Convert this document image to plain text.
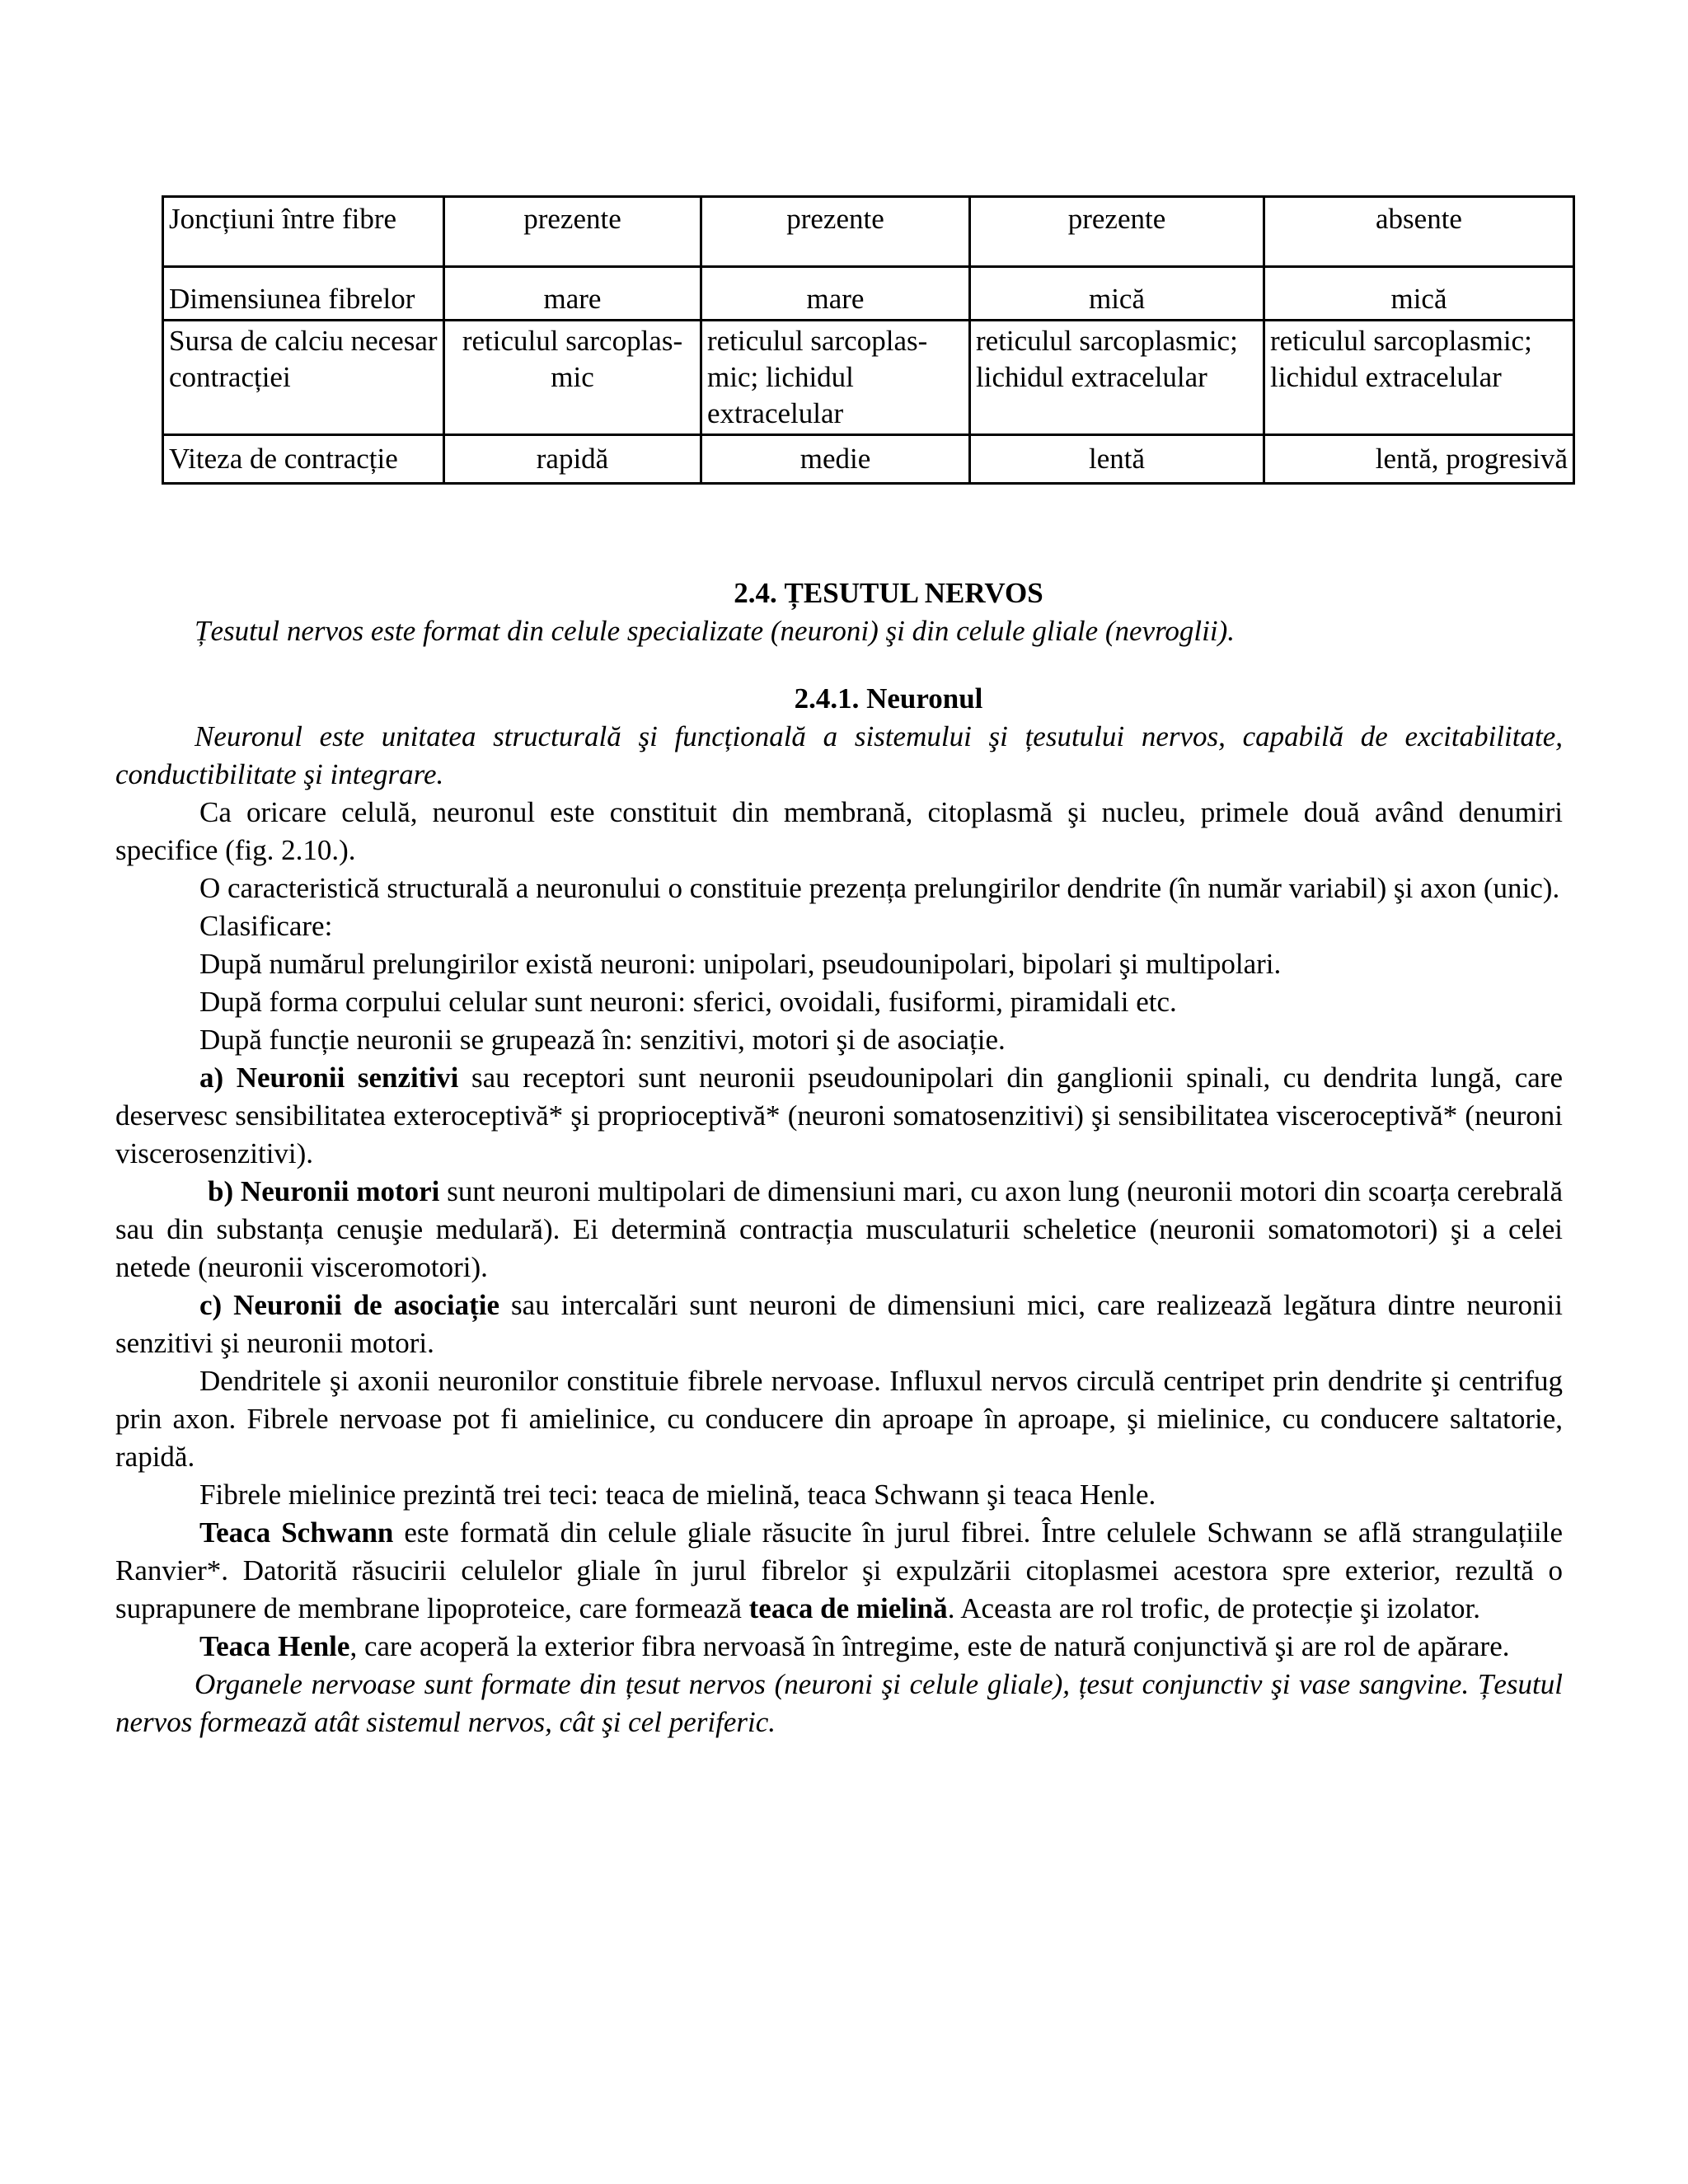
Joncțiuni între fibre	prezente	prezente	prezente	absente
Dimensiunea fibrelor	mare	mare	mică	mică
Sursa de calciu necesar contracției	reticulul sarcoplas-mic	reticulul sarcoplas-mic; lichidul extracelular	reticulul sarcoplasmic; lichidul extracelular	reticulul sarcoplasmic; lichidul extracelular
Viteza de contracție	rapidă	medie	lentă	lentă, progresivă
2.4. ȚESUTUL NERVOS

Țesutul nervos este format din celule specializate (neuroni) şi din celule gliale (nevroglii).

2.4.1. Neuronul

Neuronul este unitatea structurală şi funcțională a sistemului şi țesutului nervos, capabilă de excitabilitate, conductibilitate şi integrare.

Ca oricare celulă, neuronul este constituit din membrană, citoplasmă şi nucleu, primele două având denumiri specifice (fig. 2.10.).

O caracteristică structurală a neuronului o constituie prezența prelungirilor dendrite (în număr variabil) şi axon (unic).

Clasificare:

După numărul prelungirilor există neuroni: unipolari, pseudounipolari, bipolari şi multipolari.

După forma corpului celular sunt neuroni: sferici, ovoidali, fusiformi, piramidali etc.

După funcție neuronii se grupează în: senzitivi, motori şi de asociație.

a) Neuronii senzitivi sau receptori sunt neuronii pseudounipolari din ganglionii spinali, cu dendrita lungă, care deservesc sensibilitatea exteroceptivă* şi proprioceptivă* (neuroni somatosenzitivi) şi sensibilitatea visceroceptivă* (neuroni viscerosenzitivi).

b) Neuronii motori sunt neuroni multipolari de dimensiuni mari, cu axon lung (neuronii motori din scoarța cerebrală sau din substanța cenuşie medulară). Ei determină contracția musculaturii scheletice (neuronii somatomotori) şi a celei netede (neuronii visceromotori).

c) Neuronii de asociație sau intercalări sunt neuroni de dimensiuni mici, care realizează legătura dintre neuronii senzitivi şi neuronii motori.

Dendritele şi axonii neuronilor constituie fibrele nervoase. Influxul nervos circulă centripet prin dendrite şi centrifug prin axon. Fibrele nervoase pot fi amielinice, cu conducere din aproape în aproape, şi mielinice, cu conducere saltatorie, rapidă.

Fibrele mielinice prezintă trei teci: teaca de mielină, teaca Schwann şi teaca Henle.

Teaca Schwann este formată din celule gliale răsucite în jurul fibrei. Între celulele Schwann se află strangulațiile Ranvier*. Datorită răsucirii celulelor gliale în jurul fibrelor şi expulzării citoplasmei acestora spre exterior, rezultă o suprapunere de membrane lipoproteice, care formează teaca de mielină. Aceasta are rol trofic, de protecție şi izolator.

Teaca Henle, care acoperă la exterior fibra nervoasă în întregime, este de natură conjunctivă şi are rol de apărare.

Organele nervoase sunt formate din țesut nervos (neuroni şi celule gliale), țesut conjunctiv şi vase sangvine. Țesutul nervos formează atât sistemul nervos, cât şi cel periferic.
